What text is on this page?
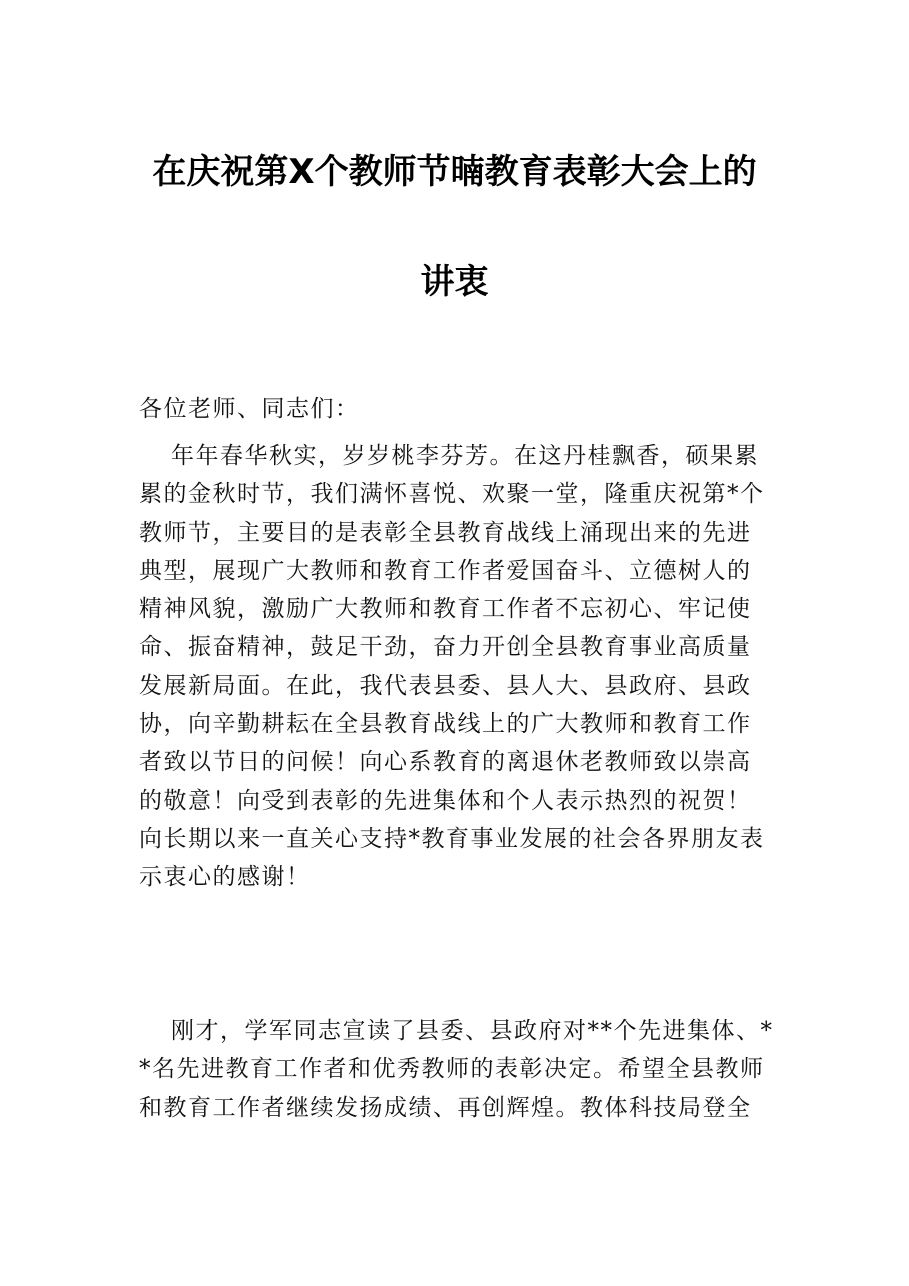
在庆祝第X个教师节暔教育表彰大会上的
讲衷
各位老师、同志们：
年年春华秋实，岁岁桃李芬芳。在这丹桂飘香，硕果累
累的金秋时节，我们满怀喜悦、欢聚一堂，隆重庆祝第*个
教师节，主要目的是表彰全县教育战线上涌现出来的先进
典型，展现广大教师和教育工作者爱国奋斗、立德树人的
精神风貌，激励广大教师和教育工作者不忘初心、牢记使
命、振奋精神，鼓足干劲，奋力开创全县教育事业高质量
发展新局面。在此，我代表县委、县人大、县政府、县政
协，向辛勤耕耘在全县教育战线上的广大教师和教育工作
者致以节日的问候！向心系教育的离退休老教师致以崇高
的敬意！向受到表彰的先进集体和个人表示热烈的祝贺！
向长期以来一直关心支持*教育事业发展的社会各界朋友表
示衷心的感谢！
刚才，学军同志宣读了县委、县政府对**个先进集体、*
*名先进教育工作者和优秀教师的表彰决定。希望全县教师
和教育工作者继续发扬成绩、再创辉煌。教体科技局登全
